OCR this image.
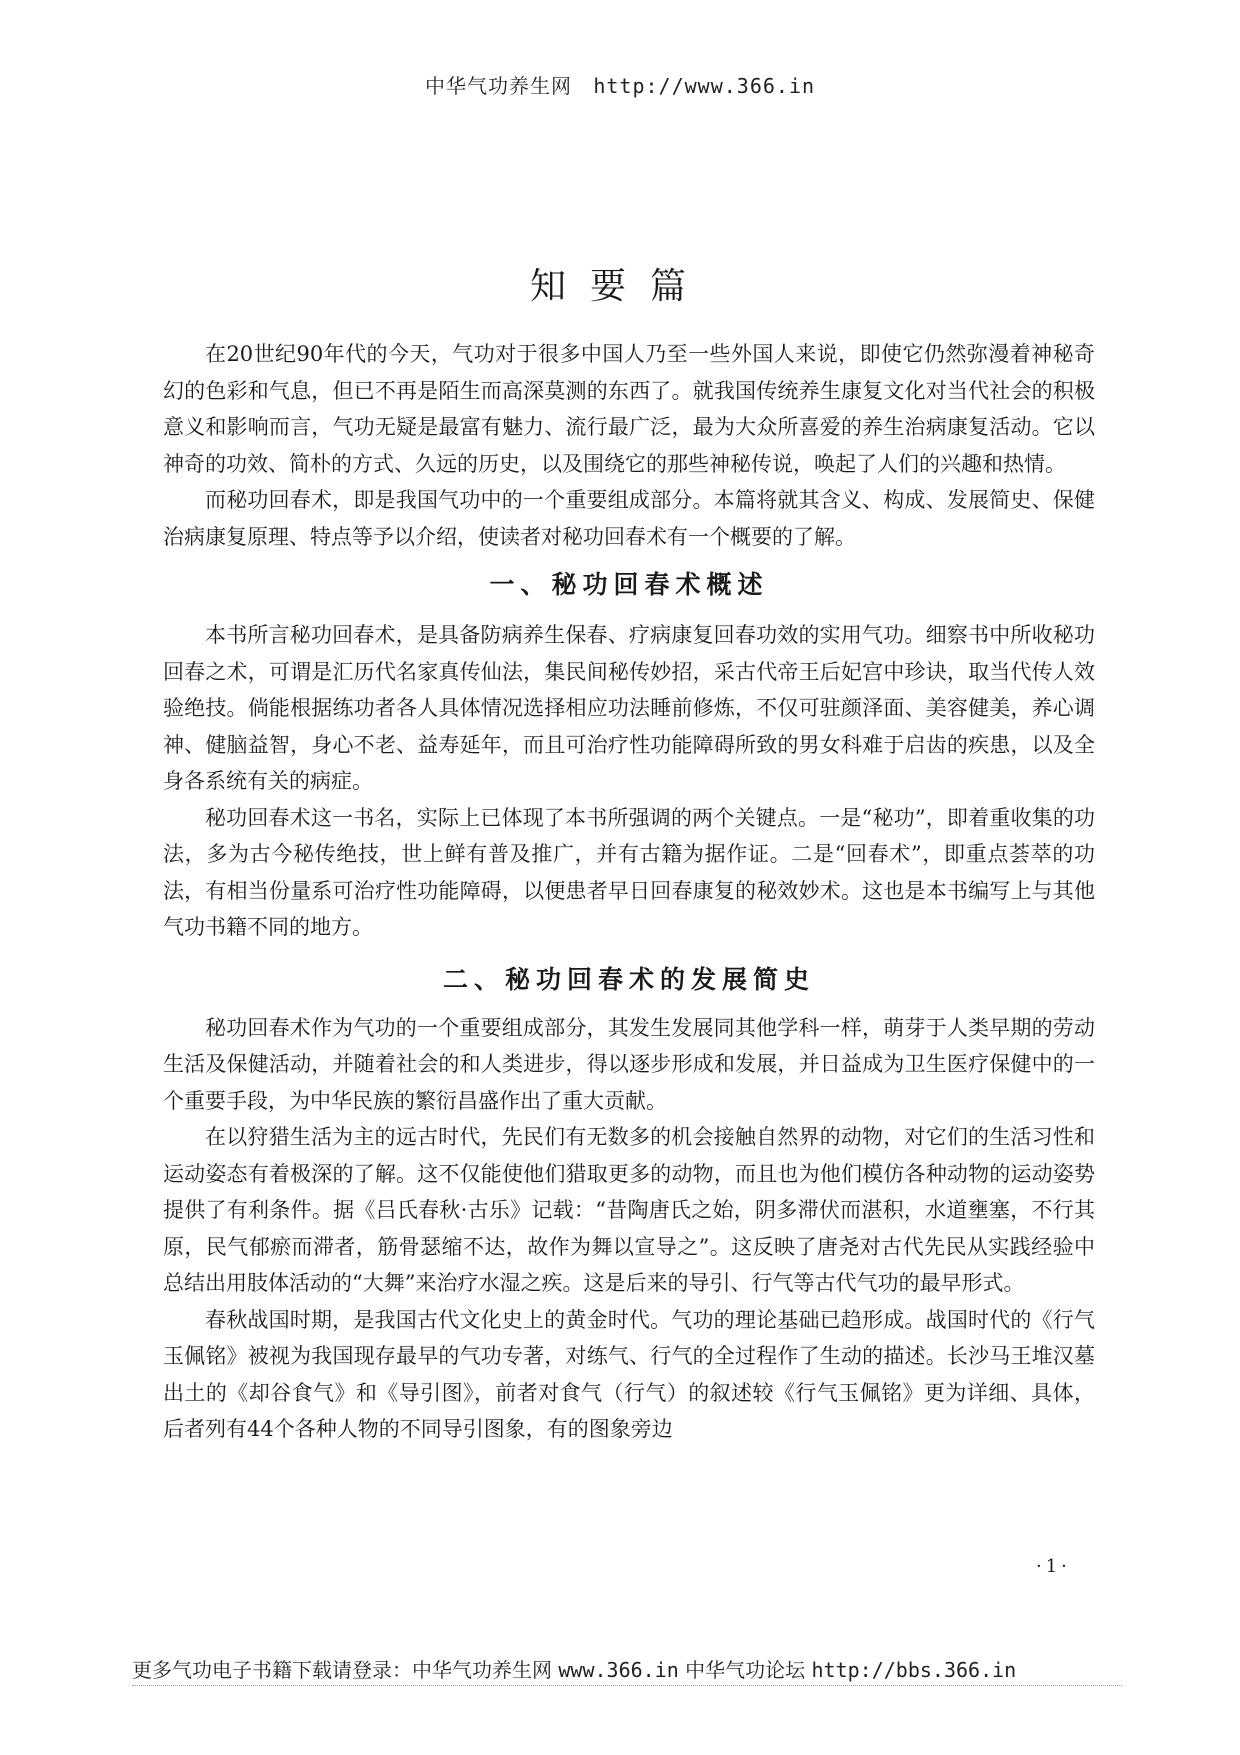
中华气功养生网 http://www.366.in
知要篇

在20世纪90年代的今天，气功对于很多中国人乃至一些外国人来说，即使它仍然弥漫着神秘奇幻的色彩和气息，但已不再是陌生而高深莫测的东西了。就我国传统养生康复文化对当代社会的积极意义和影响而言，气功无疑是最富有魅力、流行最广泛，最为大众所喜爱的养生治病康复活动。它以神奇的功效、简朴的方式、久远的历史，以及围绕它的那些神秘传说，唤起了人们的兴趣和热情。

而秘功回春术，即是我国气功中的一个重要组成部分。本篇将就其含义、构成、发展简史、保健治病康复原理、特点等予以介绍，使读者对秘功回春术有一个概要的了解。

一、秘功回春术概述

本书所言秘功回春术，是具备防病养生保春、疗病康复回春功效的实用气功。细察书中所收秘功回春之术，可谓是汇历代名家真传仙法，集民间秘传妙招，采古代帝王后妃宫中珍诀，取当代传人效验绝技。倘能根据练功者各人具体情况选择相应功法睡前修炼，不仅可驻颜泽面、美容健美，养心调神、健脑益智，身心不老、益寿延年，而且可治疗性功能障碍所致的男女科难于启齿的疾患，以及全身各系统有关的病症。

秘功回春术这一书名，实际上已体现了本书所强调的两个关键点。一是“秘功”，即着重收集的功法，多为古今秘传绝技，世上鲜有普及推广，并有古籍为据作证。二是“回春术”，即重点荟萃的功法，有相当份量系可治疗性功能障碍，以便患者早日回春康复的秘效妙术。这也是本书编写上与其他气功书籍不同的地方。

二、秘功回春术的发展简史

秘功回春术作为气功的一个重要组成部分，其发生发展同其他学科一样，萌芽于人类早期的劳动生活及保健活动，并随着社会的和人类进步，得以逐步形成和发展，并日益成为卫生医疗保健中的一个重要手段，为中华民族的繁衍昌盛作出了重大贡献。

在以狩猎生活为主的远古时代，先民们有无数多的机会接触自然界的动物，对它们的生活习性和运动姿态有着极深的了解。这不仅能使他们猎取更多的动物，而且也为他们模仿各种动物的运动姿势提供了有利条件。据《吕氏春秋·古乐》记载：“昔陶唐氏之始，阴多滞伏而湛积，水道壅塞，不行其原，民气郁瘀而滞者，筋骨瑟缩不达，故作为舞以宣导之”。这反映了唐尧对古代先民从实践经验中总结出用肢体活动的“大舞”来治疗水湿之疾。这是后来的导引、行气等古代气功的最早形式。

春秋战国时期，是我国古代文化史上的黄金时代。气功的理论基础已趋形成。战国时代的《行气玉佩铭》被视为我国现存最早的气功专著，对练气、行气的全过程作了生动的描述。长沙马王堆汉墓出土的《却谷食气》和《导引图》，前者对食气（行气）的叙述较《行气玉佩铭》更为详细、具体，后者列有44个各种人物的不同导引图象，有的图象旁边

·1·
更多气功电子书籍下载请登录：中华气功养生网 www.366.in 中华气功论坛 http://bbs.366.in
